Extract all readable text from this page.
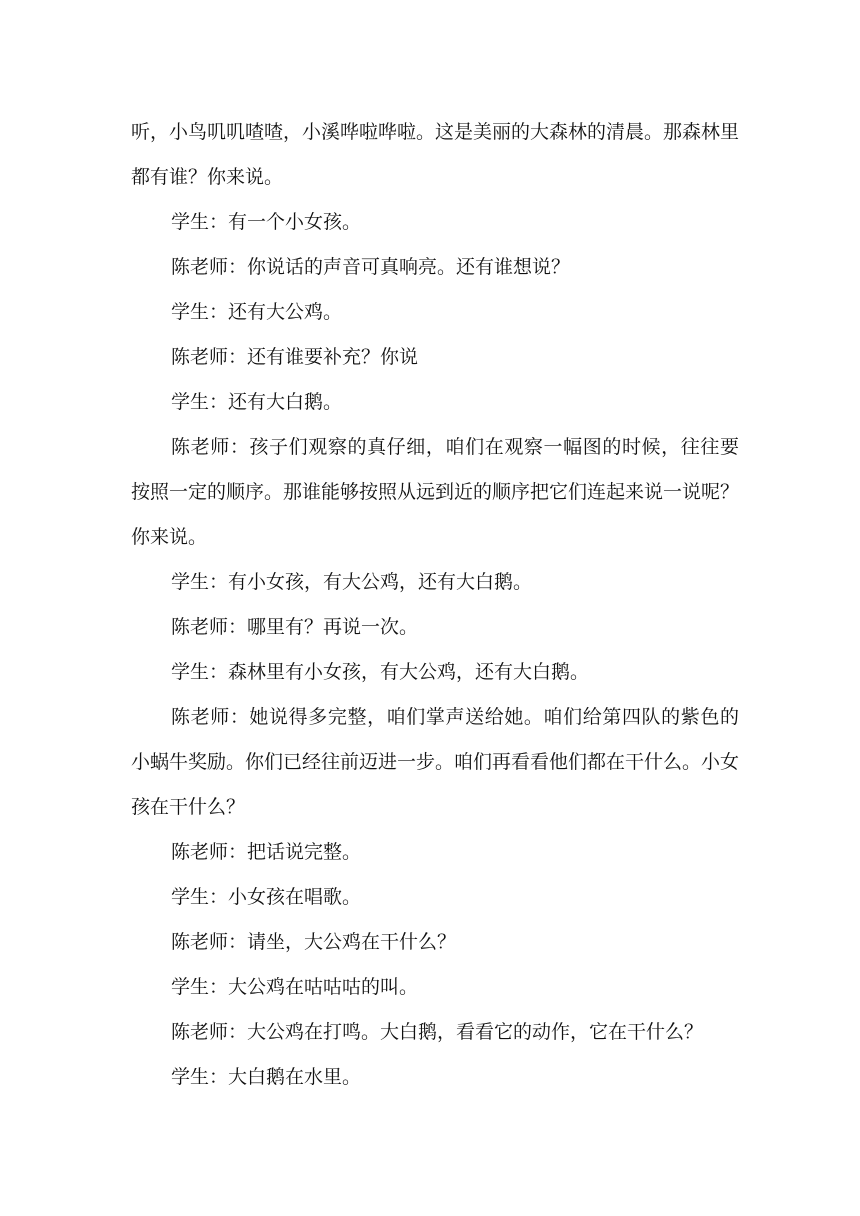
听，小鸟叽叽喳喳，小溪哗啦哗啦。这是美丽的大森林的清晨。那森林里都有谁？你来说。

学生：有一个小女孩。

陈老师：你说话的声音可真响亮。还有谁想说？

学生：还有大公鸡。

陈老师：还有谁要补充？你说

学生：还有大白鹅。

陈老师：孩子们观察的真仔细，咱们在观察一幅图的时候，往往要按照一定的顺序。那谁能够按照从远到近的顺序把它们连起来说一说呢？你来说。

学生：有小女孩，有大公鸡，还有大白鹅。

陈老师：哪里有？再说一次。

学生：森林里有小女孩，有大公鸡，还有大白鹅。

陈老师：她说得多完整，咱们掌声送给她。咱们给第四队的紫色的小蜗牛奖励。你们已经往前迈进一步。咱们再看看他们都在干什么。小女孩在干什么？

陈老师：把话说完整。

学生：小女孩在唱歌。

陈老师：请坐，大公鸡在干什么？

学生：大公鸡在咕咕咕的叫。

陈老师：大公鸡在打鸣。大白鹅，看看它的动作，它在干什么？

学生：大白鹅在水里。
